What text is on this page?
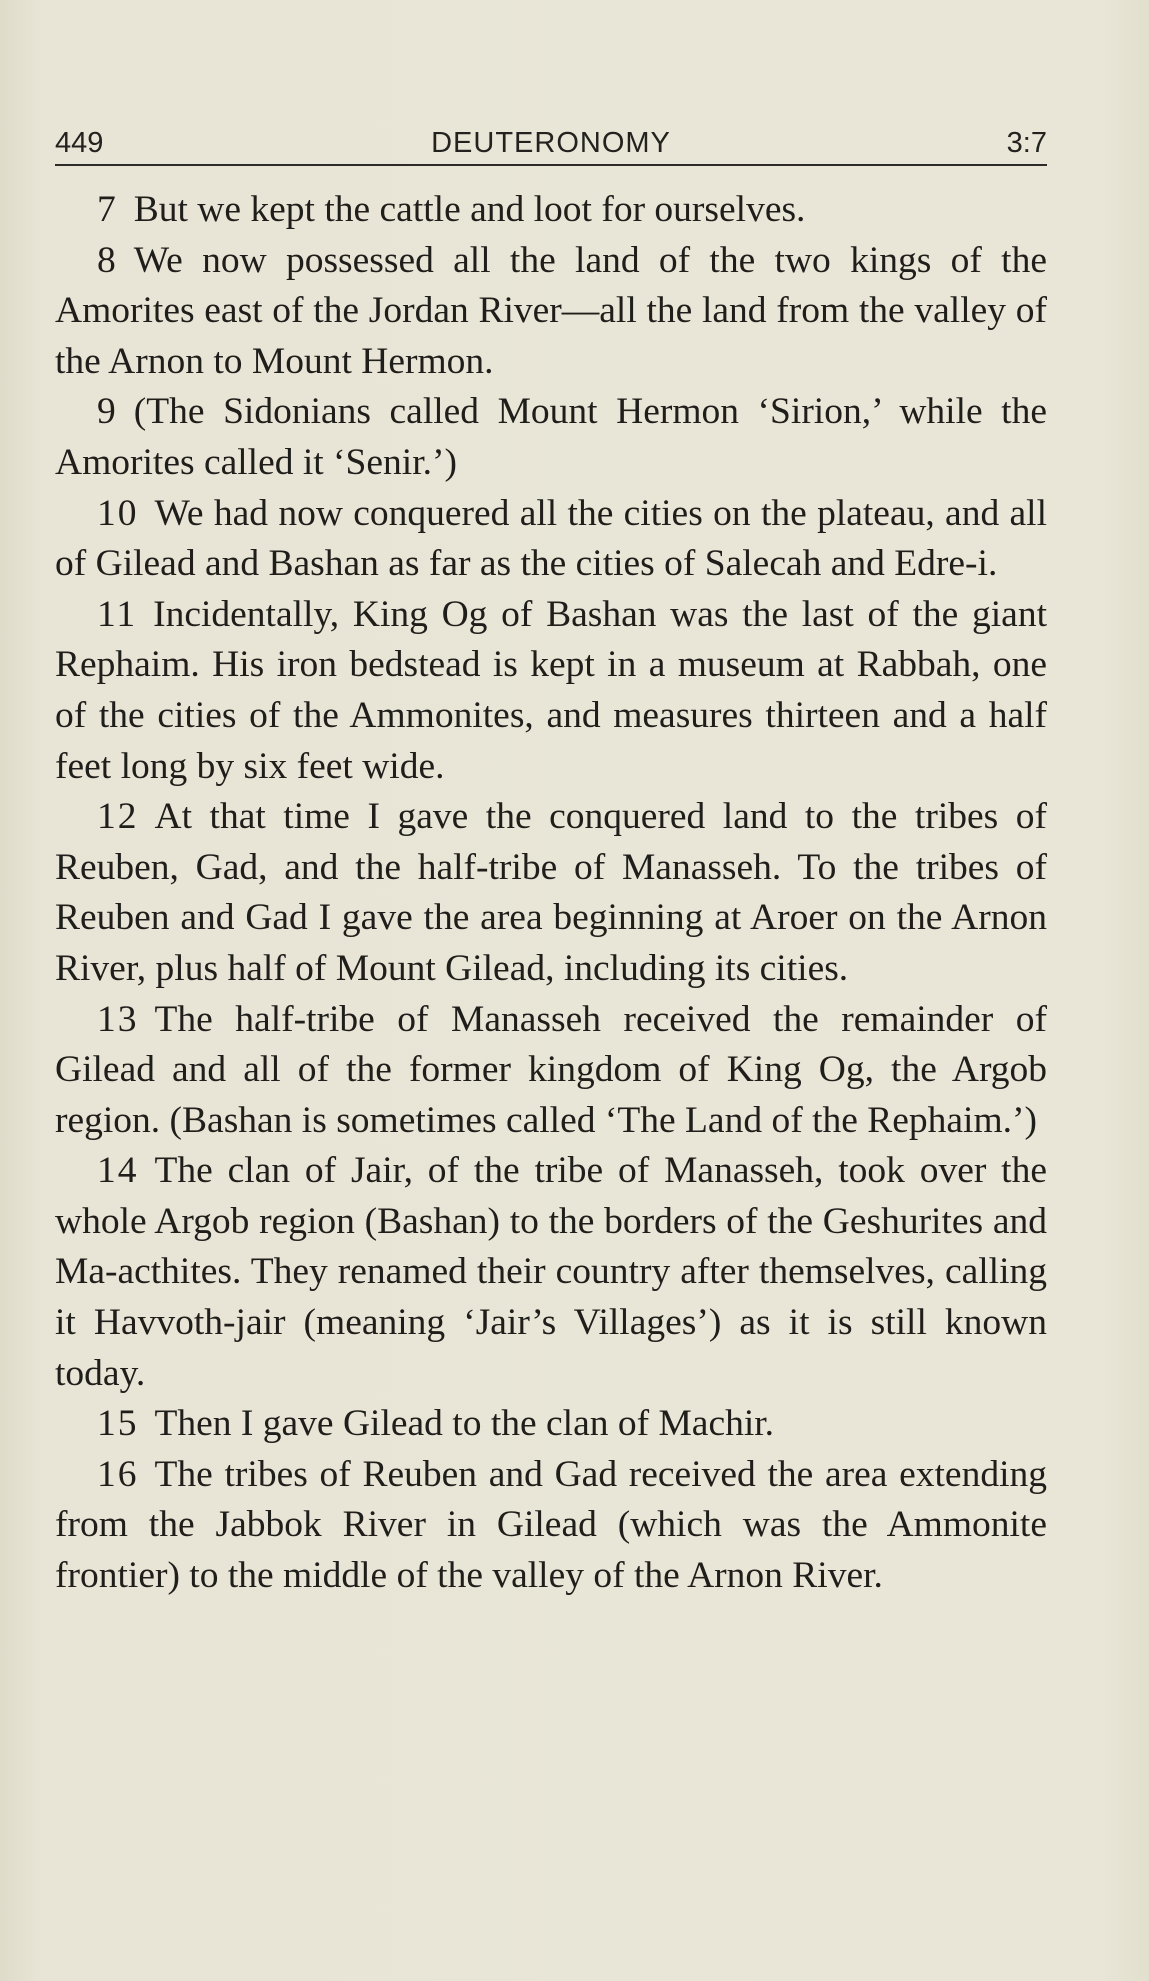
449	DEUTERONOMY	3:7

7 But we kept the cattle and loot for ourselves.

8 We now possessed all the land of the two kings of the Amorites east of the Jordan River—all the land from the valley of the Arnon to Mount Hermon.

9 (The Sidonians called Mount Hermon ‘Sirion,’ while the Amorites called it ‘Senir.’)

10 We had now conquered all the cities on the plateau, and all of Gilead and Bashan as far as the cities of Salecah and Edre-i.

11 Incidentally, King Og of Bashan was the last of the giant Rephaim. His iron bedstead is kept in a museum at Rabbah, one of the cities of the Ammonites, and measures thirteen and a half feet long by six feet wide.

12 At that time I gave the conquered land to the tribes of Reuben, Gad, and the half-tribe of Manasseh. To the tribes of Reuben and Gad I gave the area beginning at Aroer on the Arnon River, plus half of Mount Gilead, including its cities.

13 The half-tribe of Manasseh received the remainder of Gilead and all of the former kingdom of King Og, the Argob region. (Bashan is sometimes called ‘The Land of the Rephaim.’)

14 The clan of Jair, of the tribe of Manasseh, took over the whole Argob region (Bashan) to the borders of the Geshurites and Ma-acthites. They renamed their country after themselves, calling it Havvoth-jair (meaning ‘Jair’s Villages’) as it is still known today.

15 Then I gave Gilead to the clan of Machir.

16 The tribes of Reuben and Gad received the area extending from the Jabbok River in Gilead (which was the Ammonite frontier) to the middle of the valley of the Arnon River.
